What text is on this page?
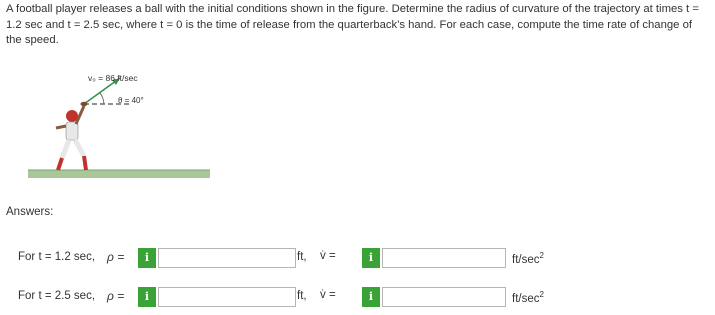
A football player releases a ball with the initial conditions shown in the figure. Determine the radius of curvature of the trajectory at times t = 1.2 sec and t = 2.5 sec, where t = 0 is the time of release from the quarterback's hand. For each case, compute the time rate of change of the speed.
v₀ = 86 ft/sec
θ = 40°
Answers:
For t = 1.2 sec, ρ =	i	ft, v̇ =	i	$ft/\sec^2$
For t = 2.5 sec, ρ =	i	ft, v̇ =	i	$ft/\sec^2$
